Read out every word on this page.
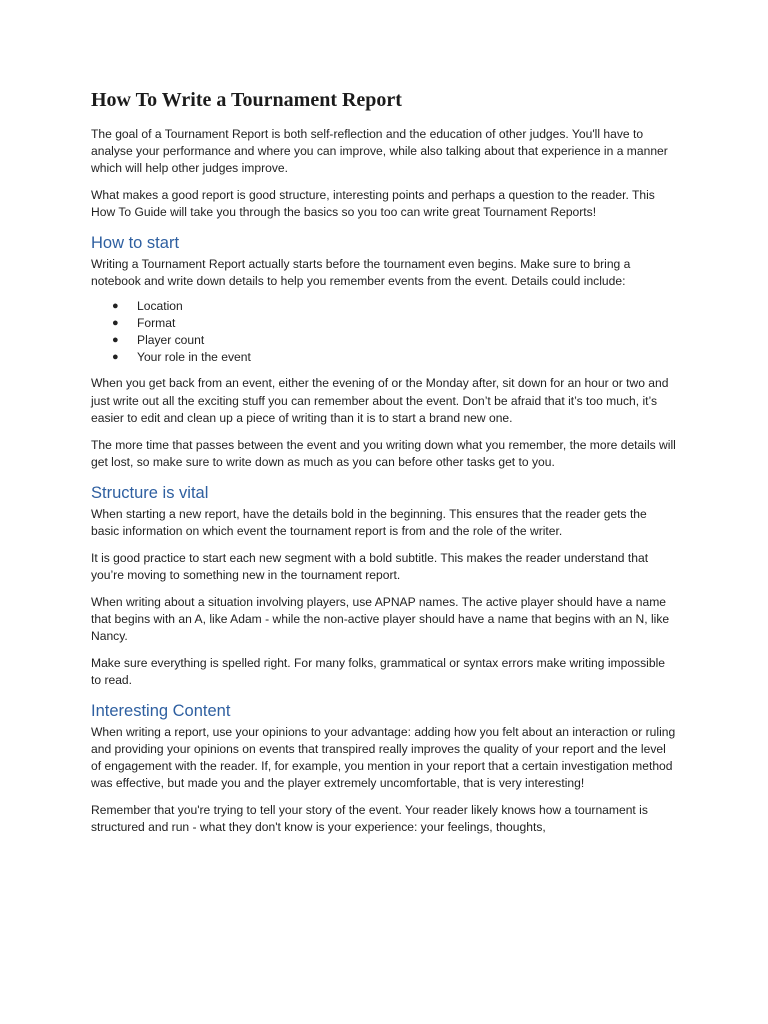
How To Write a Tournament Report

The goal of a Tournament Report is both self-reflection and the education of other judges. You'll have to analyse your performance and where you can improve, while also talking about that experience in a manner which will help other judges improve.

What makes a good report is good structure, interesting points and perhaps a question to the reader. This How To Guide will take you through the basics so you too can write great Tournament Reports!

How to start

Writing a Tournament Report actually starts before the tournament even begins. Make sure to bring a notebook and write down details to help you remember events from the event. Details could include:

● Location
● Format
● Player count
● Your role in the event

When you get back from an event, either the evening of or the Monday after, sit down for an hour or two and just write out all the exciting stuff you can remember about the event. Don’t be afraid that it’s too much, it’s easier to edit and clean up a piece of writing than it is to start a brand new one.

The more time that passes between the event and you writing down what you remember, the more details will get lost, so make sure to write down as much as you can before other tasks get to you.

Structure is vital

When starting a new report, have the details bold in the beginning. This ensures that the reader gets the basic information on which event the tournament report is from and the role of the writer.

It is good practice to start each new segment with a bold subtitle. This makes the reader understand that you’re moving to something new in the tournament report.

When writing about a situation involving players, use APNAP names. The active player should have a name that begins with an A, like Adam - while the non-active player should have a name that begins with an N, like Nancy.

Make sure everything is spelled right. For many folks, grammatical or syntax errors make writing impossible to read.

Interesting Content

When writing a report, use your opinions to your advantage: adding how you felt about an interaction or ruling and providing your opinions on events that transpired really improves the quality of your report and the level of engagement with the reader. If, for example, you mention in your report that a certain investigation method was effective, but made you and the player extremely uncomfortable, that is very interesting!

Remember that you're trying to tell your story of the event. Your reader likely knows how a tournament is structured and run - what they don't know is your experience: your feelings, thoughts,
